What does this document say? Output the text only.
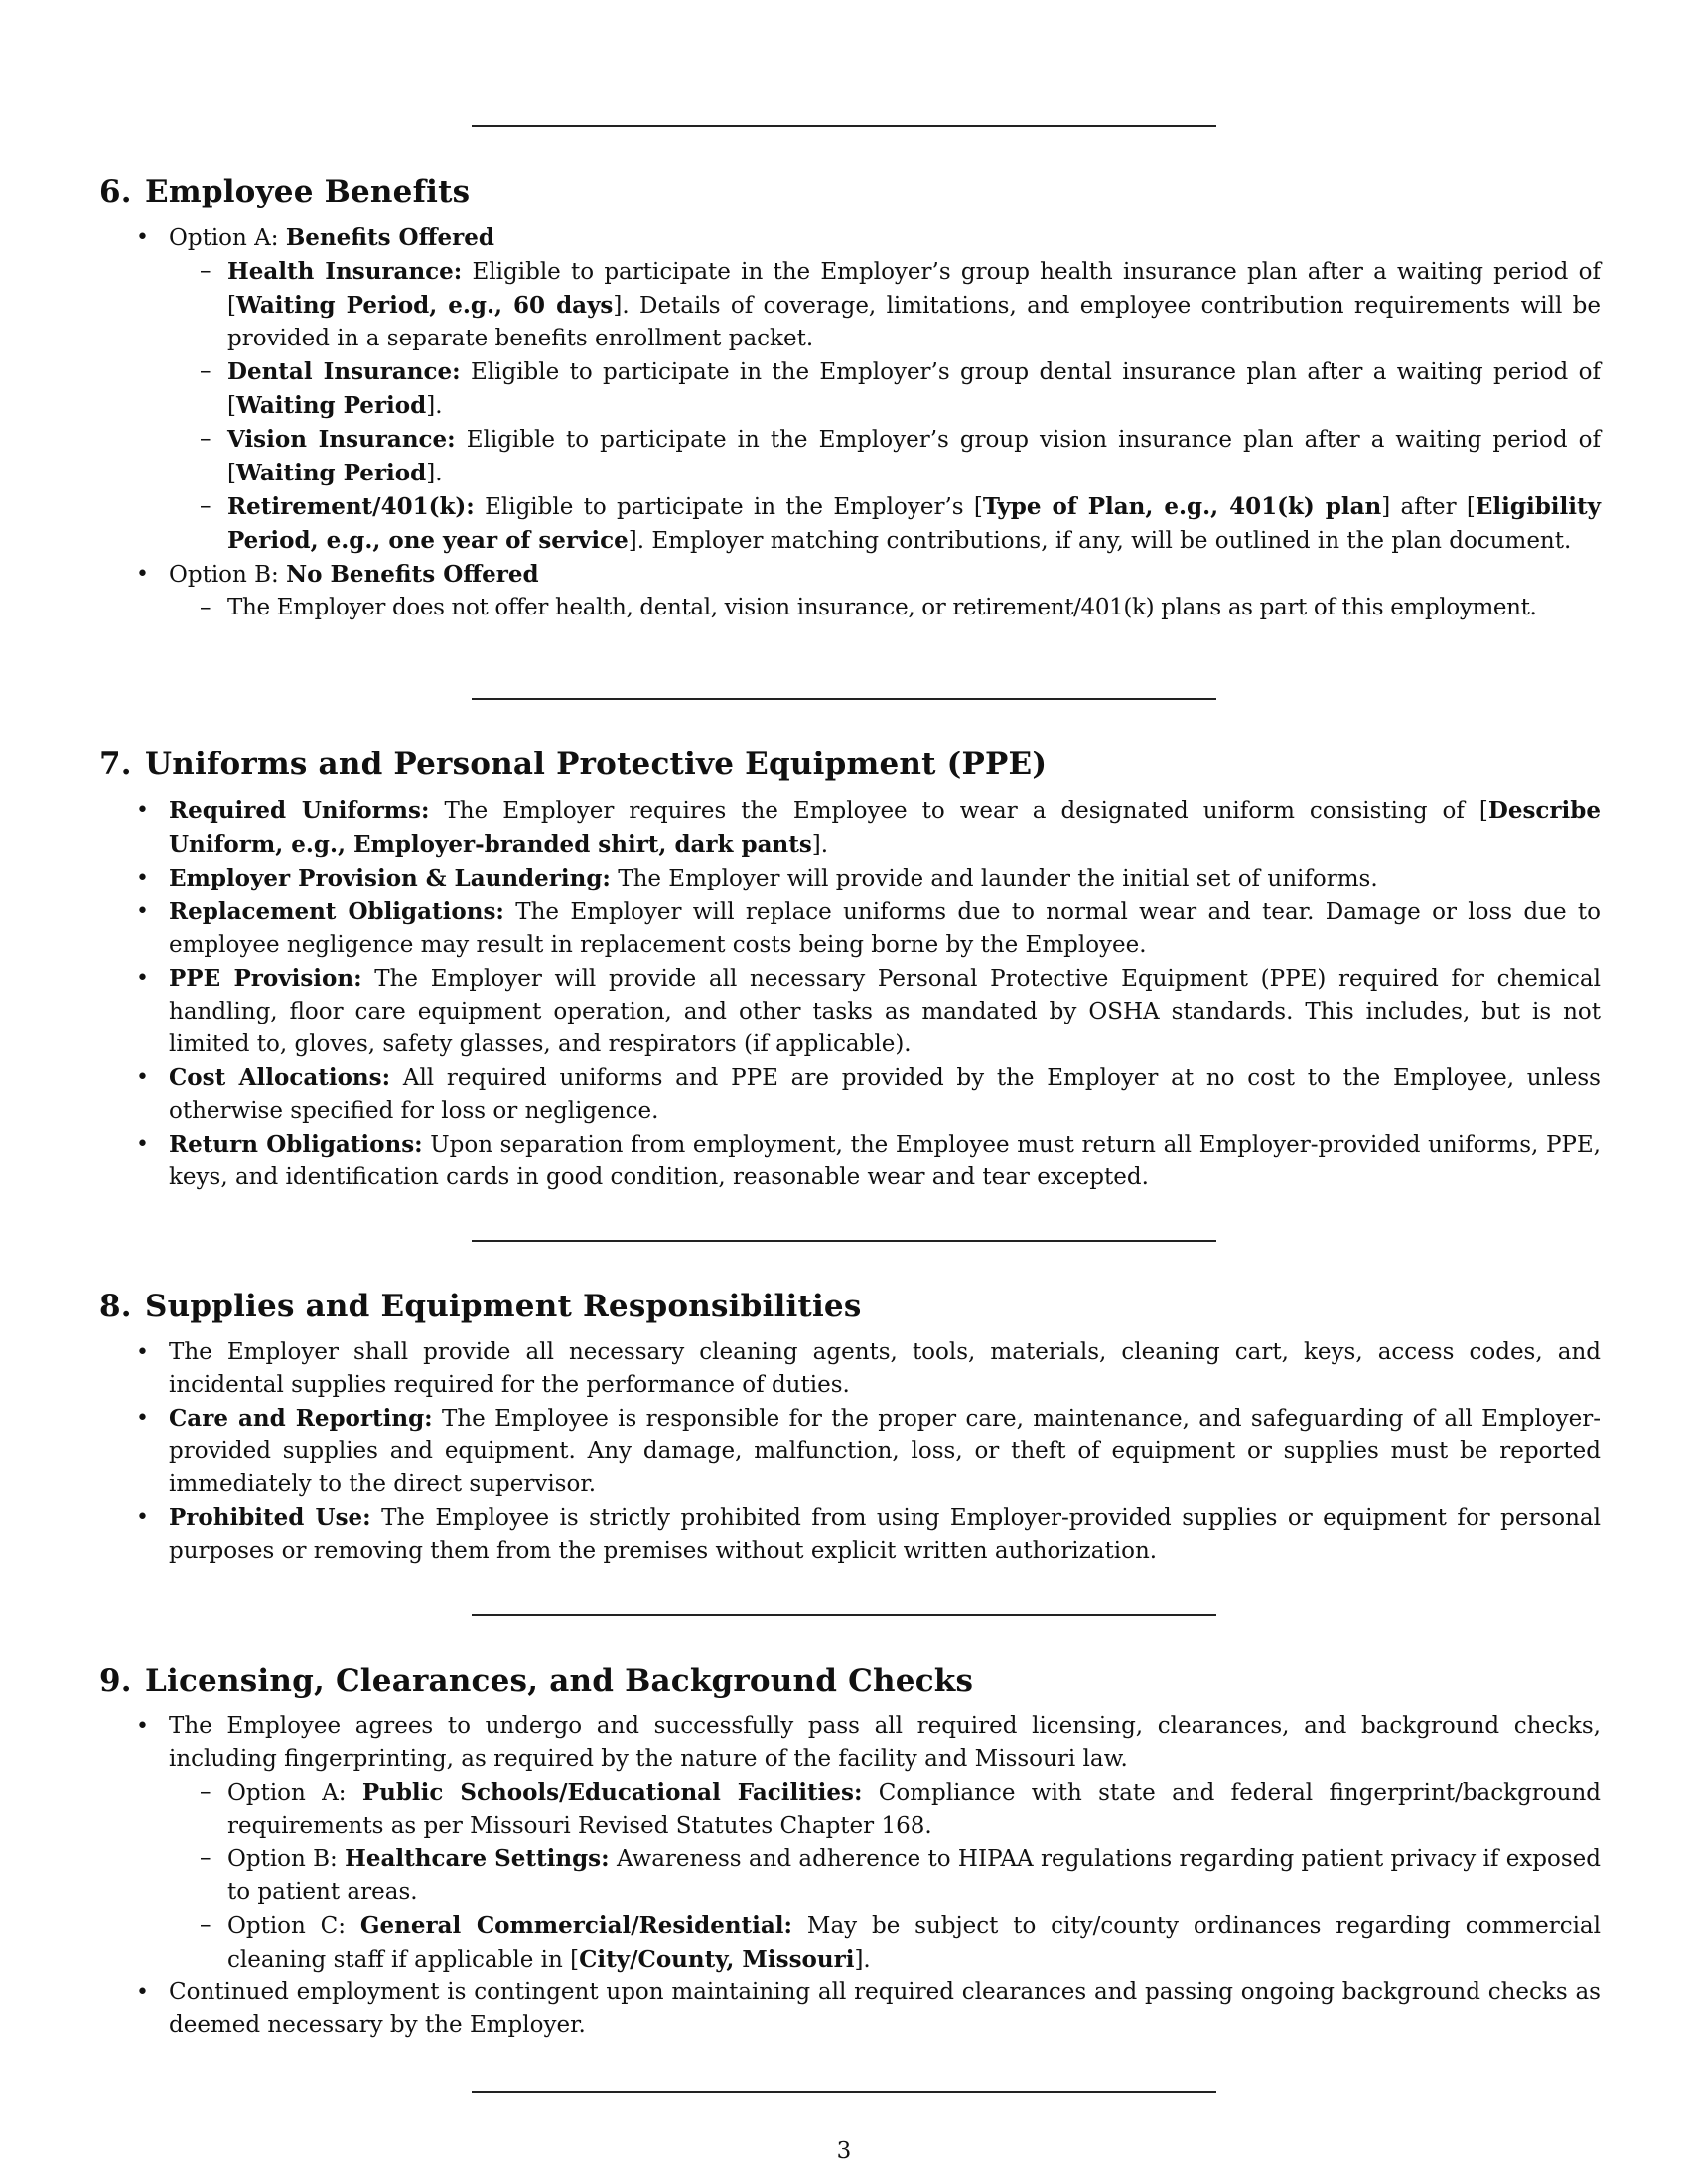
6. Employee Benefits
• Option A: Benefits Offered
– Health Insurance: Eligible to participate in the Employer’s group health insurance plan after a waiting period of [Waiting Period, e.g., 60 days]. Details of coverage, limitations, and employee contribution requirements will be provided in a separate benefits enrollment packet.
– Dental Insurance: Eligible to participate in the Employer’s group dental insurance plan after a waiting period of [Waiting Period].
– Vision Insurance: Eligible to participate in the Employer’s group vision insurance plan after a waiting period of [Waiting Period].
– Retirement/401(k): Eligible to participate in the Employer’s [Type of Plan, e.g., 401(k) plan] after [Eligibility Period, e.g., one year of service]. Employer matching contributions, if any, will be outlined in the plan document.
• Option B: No Benefits Offered
– The Employer does not offer health, dental, vision insurance, or retirement/401(k) plans as part of this employment.
7. Uniforms and Personal Protective Equipment (PPE)
• Required Uniforms: The Employer requires the Employee to wear a designated uniform consisting of [Describe Uniform, e.g., Employer-branded shirt, dark pants].
• Employer Provision & Laundering: The Employer will provide and launder the initial set of uniforms.
• Replacement Obligations: The Employer will replace uniforms due to normal wear and tear. Damage or loss due to employee negligence may result in replacement costs being borne by the Employee.
• PPE Provision: The Employer will provide all necessary Personal Protective Equipment (PPE) required for chemical handling, floor care equipment operation, and other tasks as mandated by OSHA standards. This includes, but is not limited to, gloves, safety glasses, and respirators (if applicable).
• Cost Allocations: All required uniforms and PPE are provided by the Employer at no cost to the Employee, unless otherwise specified for loss or negligence.
• Return Obligations: Upon separation from employment, the Employee must return all Employer-provided uniforms, PPE, keys, and identification cards in good condition, reasonable wear and tear excepted.
8. Supplies and Equipment Responsibilities
• The Employer shall provide all necessary cleaning agents, tools, materials, cleaning cart, keys, access codes, and incidental supplies required for the performance of duties.
• Care and Reporting: The Employee is responsible for the proper care, maintenance, and safeguarding of all Employer-provided supplies and equipment. Any damage, malfunction, loss, or theft of equipment or supplies must be reported immediately to the direct supervisor.
• Prohibited Use: The Employee is strictly prohibited from using Employer-provided supplies or equipment for personal purposes or removing them from the premises without explicit written authorization.
9. Licensing, Clearances, and Background Checks
• The Employee agrees to undergo and successfully pass all required licensing, clearances, and background checks, including fingerprinting, as required by the nature of the facility and Missouri law.
– Option A: Public Schools/Educational Facilities: Compliance with state and federal fingerprint/background requirements as per Missouri Revised Statutes Chapter 168.
– Option B: Healthcare Settings: Awareness and adherence to HIPAA regulations regarding patient privacy if exposed to patient areas.
– Option C: General Commercial/Residential: May be subject to city/county ordinances regarding commercial cleaning staff if applicable in [City/County, Missouri].
• Continued employment is contingent upon maintaining all required clearances and passing ongoing background checks as deemed necessary by the Employer.
3
